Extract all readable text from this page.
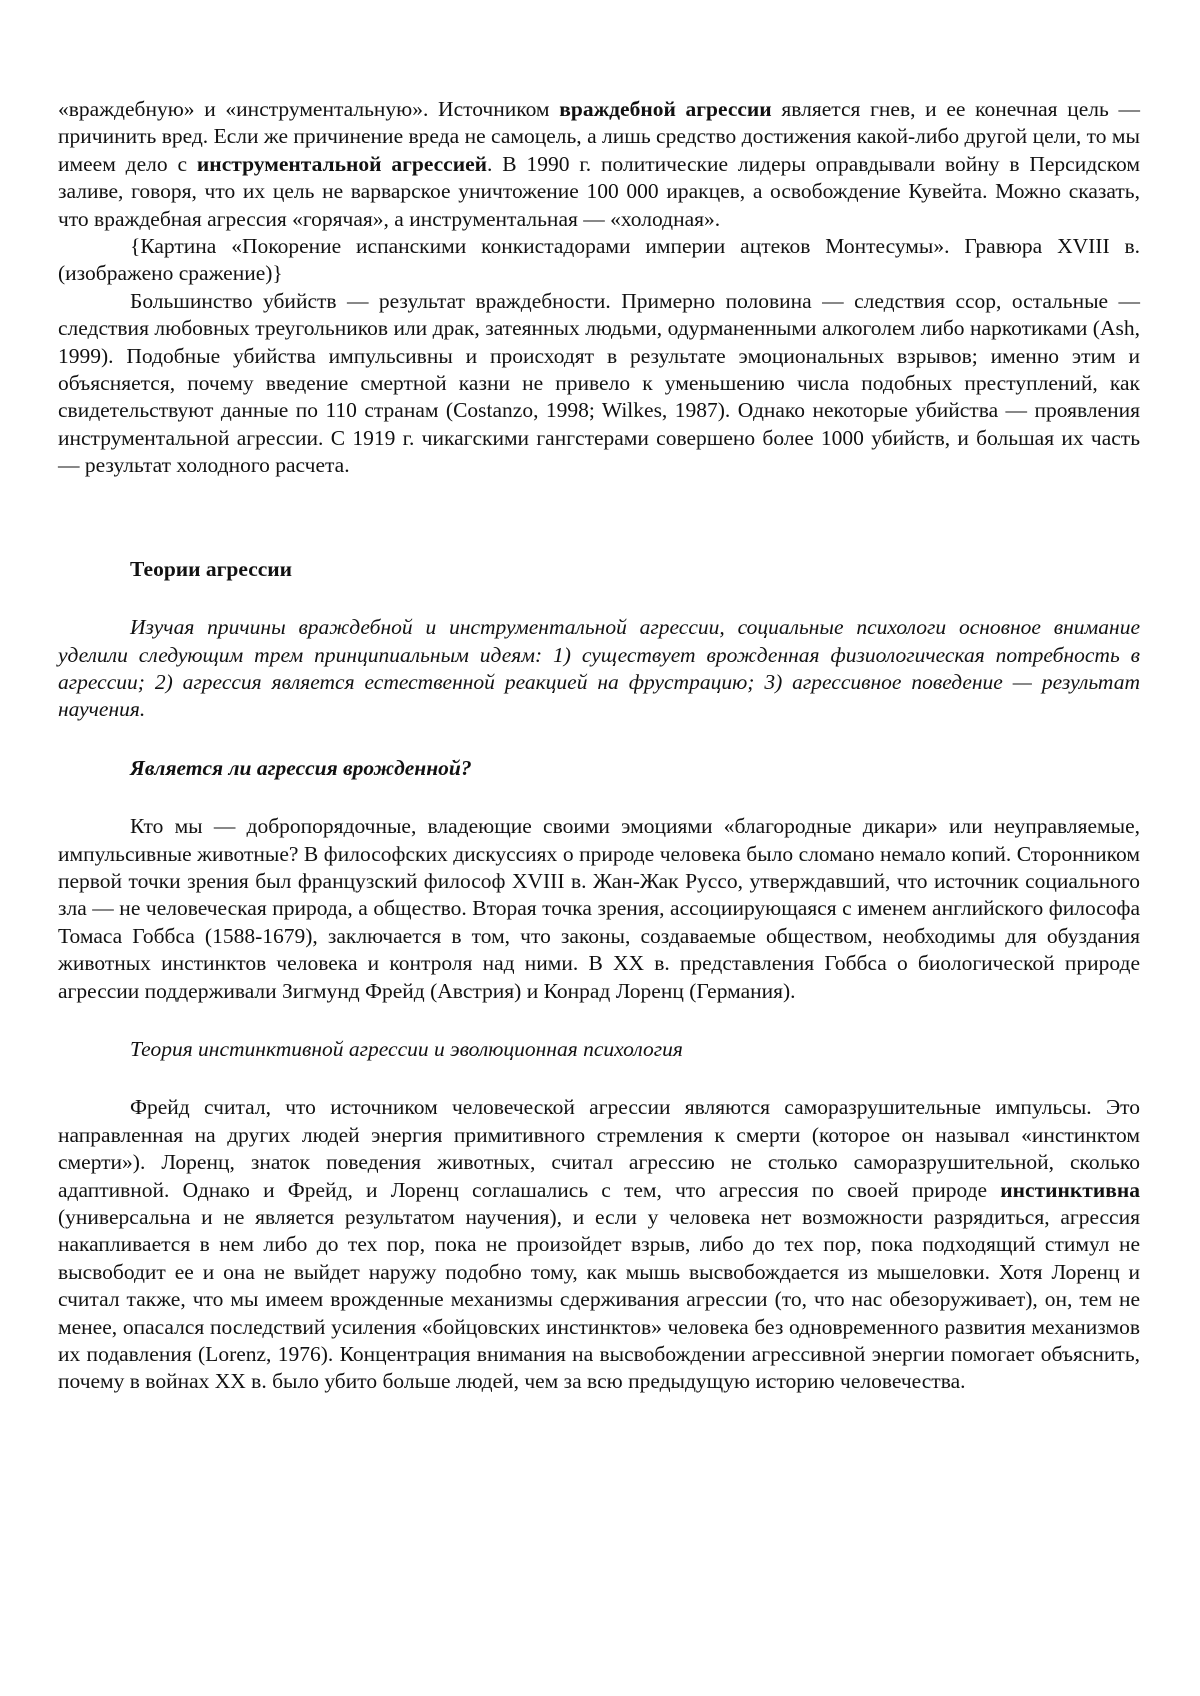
«враждебную» и «инструментальную». Источником враждебной агрессии является гнев, и ее конечная цель — причинить вред. Если же причинение вреда не самоцель, а лишь средство достижения какой-либо другой цели, то мы имеем дело с инструментальной агрессией. В 1990 г. политические лидеры оправдывали войну в Персидском заливе, говоря, что их цель не варварское уничтожение 100 000 иракцев, а освобождение Кувейта. Можно сказать, что враждебная агрессия «горячая», а инструментальная — «холодная».

{Картина «Покорение испанскими конкистадорами империи ацтеков Монтесумы». Гравюра XVIII в. (изображено сражение)}

Большинство убийств — результат враждебности. Примерно половина — следствия ссор, остальные — следствия любовных треугольников или драк, затеянных людьми, одурманенными алкоголем либо наркотиками (Ash, 1999). Подобные убийства импульсивны и происходят в результате эмоциональных взрывов; именно этим и объясняется, почему введение смертной казни не привело к уменьшению числа подобных преступлений, как свидетельствуют данные по 110 странам (Costanzo, 1998; Wilkes, 1987). Однако некоторые убийства — проявления инструментальной агрессии. С 1919 г. чикагскими гангстерами совершено более 1000 убийств, и большая их часть — результат холодного расчета.

Теории агрессии

Изучая причины враждебной и инструментальной агрессии, социальные психологи основное внимание уделили следующим трем принципиальным идеям: 1) существует врожденная физиологическая потребность в агрессии; 2) агрессия является естественной реакцией на фрустрацию; 3) агрессивное поведение — результат научения.

Является ли агрессия врожденной?

Кто мы — добропорядочные, владеющие своими эмоциями «благородные дикари» или неуправляемые, импульсивные животные? В философских дискуссиях о природе человека было сломано немало копий. Сторонником первой точки зрения был французский философ XVIII в. Жан-Жак Руссо, утверждавший, что источник социального зла — не человеческая природа, а общество. Вторая точка зрения, ассоциирующаяся с именем английского философа Томаса Гоббса (1588-1679), заключается в том, что законы, создаваемые обществом, необходимы для обуздания животных инстинктов человека и контроля над ними. В XX в. представления Гоббса о биологической природе агрессии поддерживали Зигмунд Фрейд (Австрия) и Конрад Лоренц (Германия).

Теория инстинктивной агрессии и эволюционная психология

Фрейд считал, что источником человеческой агрессии являются саморазрушительные импульсы. Это направленная на других людей энергия примитивного стремления к смерти (которое он называл «инстинктом смерти»). Лоренц, знаток поведения животных, считал агрессию не столько саморазрушительной, сколько адаптивной. Однако и Фрейд, и Лоренц соглашались с тем, что агрессия по своей природе инстинктивна (универсальна и не является результатом научения), и если у человека нет возможности разрядиться, агрессия накапливается в нем либо до тех пор, пока не произойдет взрыв, либо до тех пор, пока подходящий стимул не высвободит ее и она не выйдет наружу подобно тому, как мышь высвобождается из мышеловки. Хотя Лоренц и считал также, что мы имеем врожденные механизмы сдерживания агрессии (то, что нас обезоруживает), он, тем не менее, опасался последствий усиления «бойцовских инстинктов» человека без одновременного развития механизмов их подавления (Lorenz, 1976). Концентрация внимания на высвобождении агрессивной энергии помогает объяснить, почему в войнах XX в. было убито больше людей, чем за всю предыдущую историю человечества.
